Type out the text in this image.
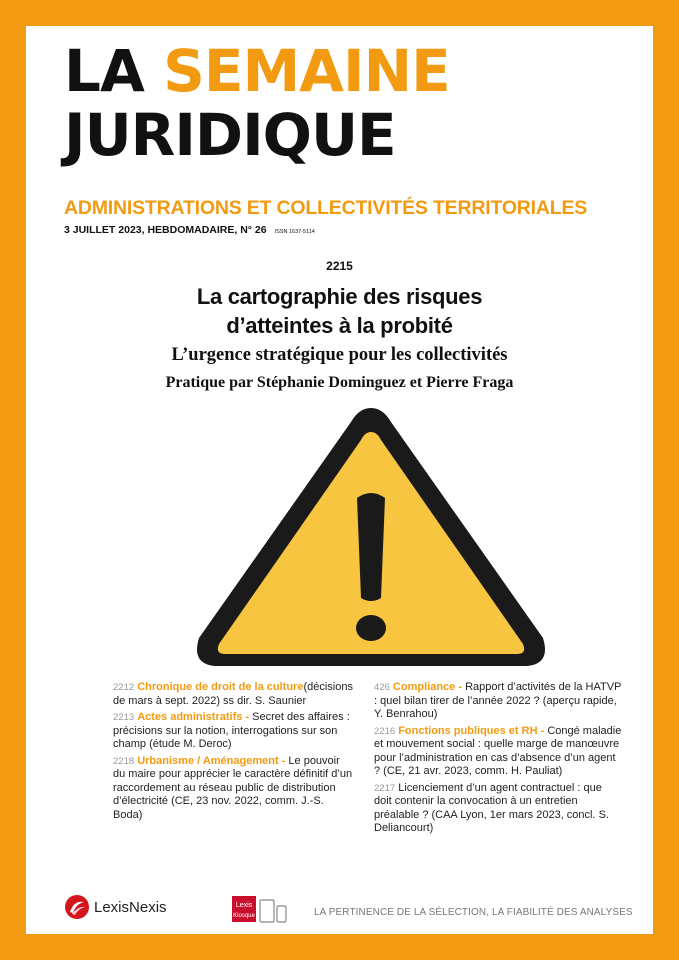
LA SEMAINE
JURIDIQUE
ADMINISTRATIONS ET COLLECTIVITÉS TERRITORIALES
3 JUILLET 2023, HEBDOMADAIRE, N° 26 ISSN 1637-5114
2215
La cartographie des risques
d’atteintes à la probité
L’urgence stratégique pour les collectivités
Pratique par Stéphanie Dominguez et Pierre Fraga
2212 Chronique de droit de la culture(décisions de mars à sept. 2022) ss dir. S. Saunier
2213 Actes administratifs - Secret des affaires : précisions sur la notion, interrogations sur son champ (étude M. Deroc)
2218 Urbanisme / Aménagement - Le pouvoir du maire pour apprécier le caractère définitif d’un raccordement au réseau public de distribution d’électricité (CE, 23 nov. 2022, comm. J.-S. Boda)
426 Compliance - Rapport d’activités de la HATVP : quel bilan tirer de l’année 2022 ? (aperçu rapide, Y. Benrahou)
2216 Fonctions publiques et RH - Congé maladie et mouvement social : quelle marge de manœuvre pour l’administration en cas d’absence d’un agent ? (CE, 21 avr. 2023, comm. H. Pauliat)
2217 Licenciement d’un agent contractuel : que doit contenir la convocation à un entretien préalable ? (CAA Lyon, 1er mars 2023, concl. S. Deliancourt)
LexisNexis	Lexis
Kiosque	LA PERTINENCE DE LA SÉLECTION, LA FIABILITÉ DES ANALYSES
